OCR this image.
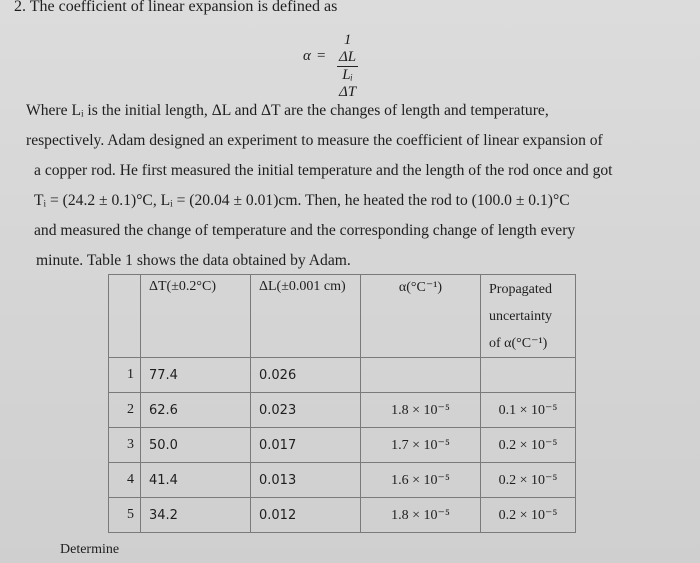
2. The coefficient of linear expansion is defined as
$\alpha = \frac{1 \Delta L}{\text{Lᵢ ΔT}}$

Where Lᵢ is the initial length, ΔL and ΔT are the changes of length and temperature,

respectively. Adam designed an experiment to measure the coefficient of linear expansion of

a copper rod. He first measured the initial temperature and the length of the rod once and got

Tᵢ = (24.2 ± 0.1)°C, Lᵢ = (20.04 ± 0.01)cm. Then, he heated the rod to (100.0 ± 0.1)°C

and measured the change of temperature and the corresponding change of length every

minute. Table 1 shows the data obtained by Adam.

	ΔT(±0.2°C)	ΔL(±0.001 cm)	α(°C⁻¹)	Propagated
uncertainty
of α(°C⁻¹)

1	77.4	0.026		
2	62.6	0.023	1.8 × 10⁻⁵	0.1 × 10⁻⁵
3	50.0	0.017	1.7 × 10⁻⁵	0.2 × 10⁻⁵
4	41.4	0.013	1.6 × 10⁻⁵	0.2 × 10⁻⁵
5	34.2	0.012	1.8 × 10⁻⁵	0.2 × 10⁻⁵
Determine
